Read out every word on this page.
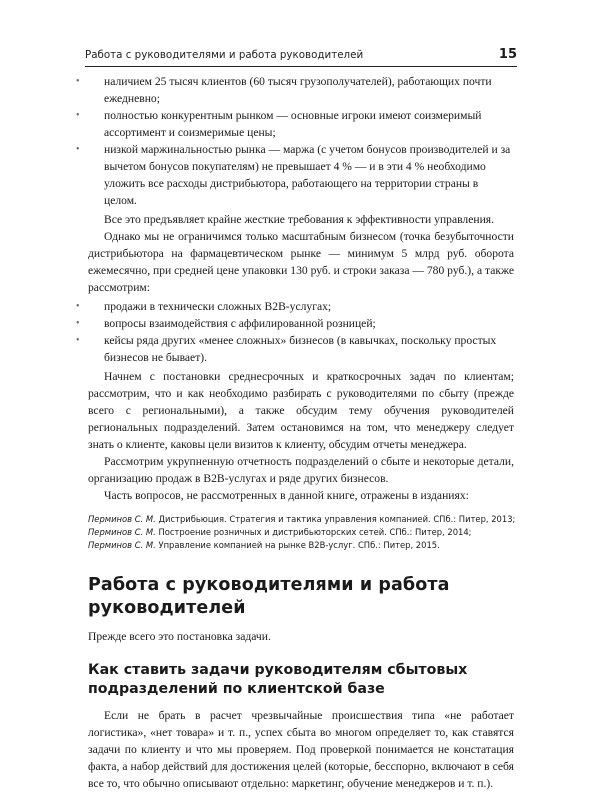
Работа с руководителями и работа руководителей	15
• наличием 25 тысяч клиентов (60 тысяч грузополучателей), работающих почти ежедневно;
• полностью конкурентным рынком — основные игроки имеют соизмеримый ассортимент и соизмеримые цены;
• низкой маржинальностью рынка — маржа (с учетом бонусов производителей и за вычетом бонусов покупателям) не превышает 4 % — и в эти 4 % необходимо уложить все расходы дистрибьютора, работающего на территории страны в целом.

Все это предъявляет крайне жесткие требования к эффективности управления.

Однако мы не ограничимся только масштабным бизнесом (точка безубыточности дистрибьютора на фармацевтическом рынке — минимум 5 млрд руб. оборота ежемесячно, при средней цене упаковки 130 руб. и строки заказа — 780 руб.), а также рассмотрим:

• продажи в технически сложных B2B-услугах;
• вопросы взаимодействия с аффилированной розницей;
• кейсы ряда других «менее сложных» бизнесов (в кавычках, поскольку простых бизнесов не бывает).

Начнем с постановки среднесрочных и краткосрочных задач по клиентам; рассмотрим, что и как необходимо разбирать с руководителями по сбыту (прежде всего с региональными), а также обсудим тему обучения руководителей региональных подразделений. Затем остановимся на том, что менеджеру следует знать о клиенте, каковы цели визитов к клиенту, обсудим отчеты менеджера.

Рассмотрим укрупненную отчетность подразделений о сбыте и некоторые детали, организацию продаж в B2B-услугах и ряде других бизнесов.

Часть вопросов, не рассмотренных в данной книге, отражены в изданиях:

Перминов С. М. Дистрибьюция. Стратегия и тактика управления компанией. СПб.: Питер, 2013;
Перминов С. М. Построение розничных и дистрибьюторских сетей. СПб.: Питер, 2014;
Перминов С. М. Управление компанией на рынке B2B-услуг. СПб.: Питер, 2015.
Работа с руководителями и работа руководителей

Прежде всего это постановка задачи.

Как ставить задачи руководителям сбытовых подразделений по клиентской базе

Если не брать в расчет чрезвычайные происшествия типа «не работает логистика», «нет товара» и т. п., успех сбыта во многом определяет то, как ставятся задачи по клиенту и что мы проверяем. Под проверкой понимается не констатация факта, а набор действий для достижения целей (которые, бесспорно, включают в себя все то, что обычно описывают отдельно: маркетинг, обучение менеджеров и т. п.).
